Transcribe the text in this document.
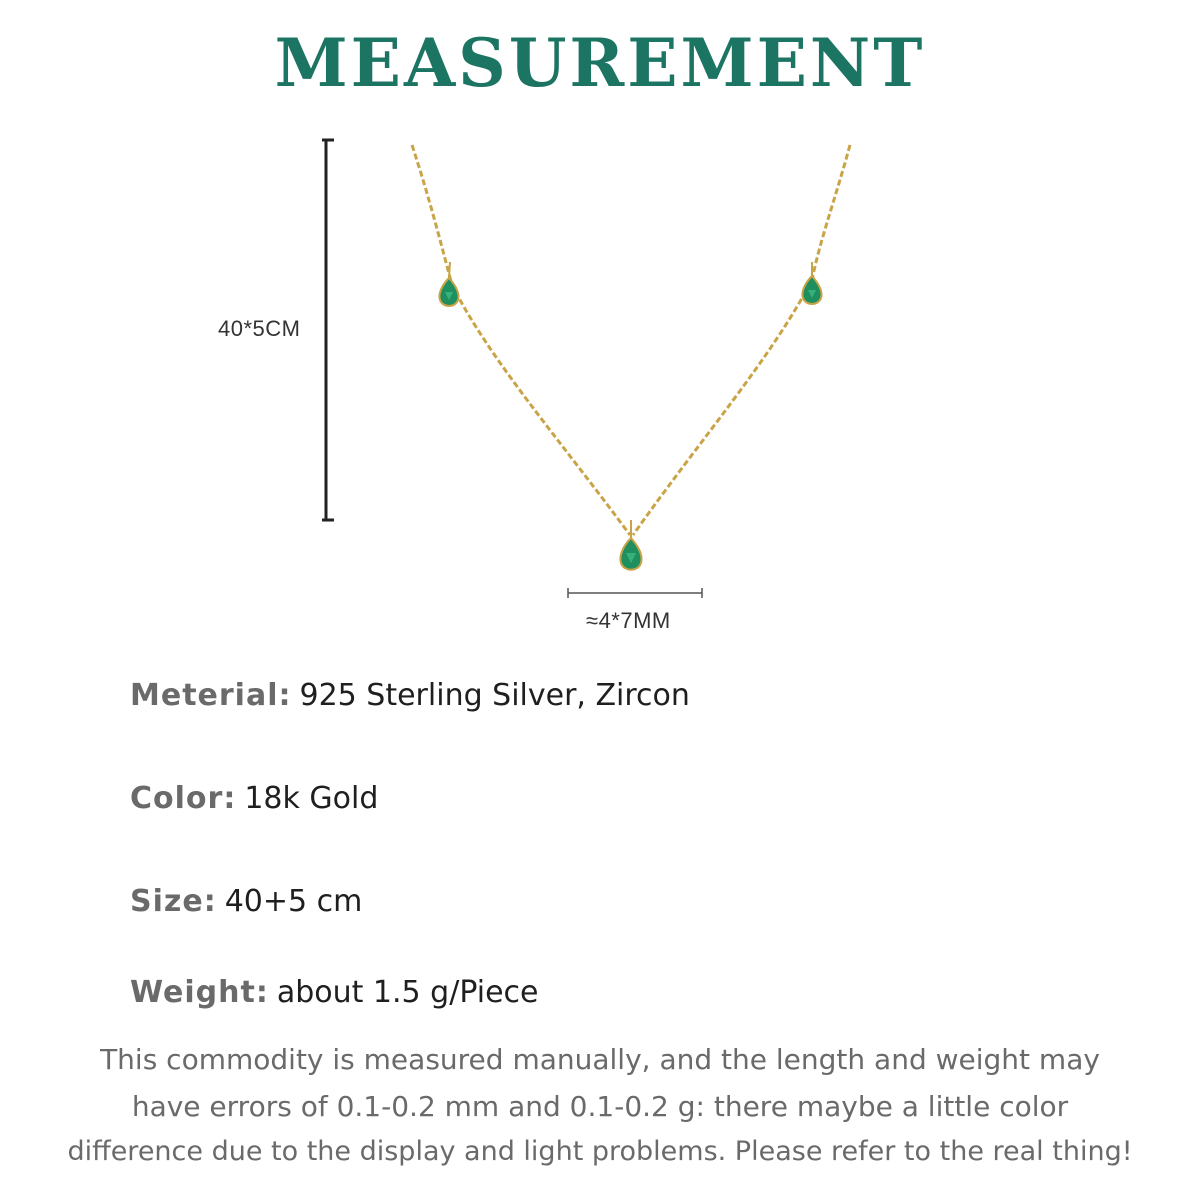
MEASUREMENT
40*5CM
≈4*7MM
Meterial: 925 Sterling Silver, Zircon
Color: 18k Gold
Size: 40+5 cm
Weight: about 1.5 g/Piece
This commodity is measured manually, and the length and weight may
have errors of 0.1-0.2 mm and 0.1-0.2 g: there maybe a little color
difference due to the display and light problems. Please refer to the real thing!
